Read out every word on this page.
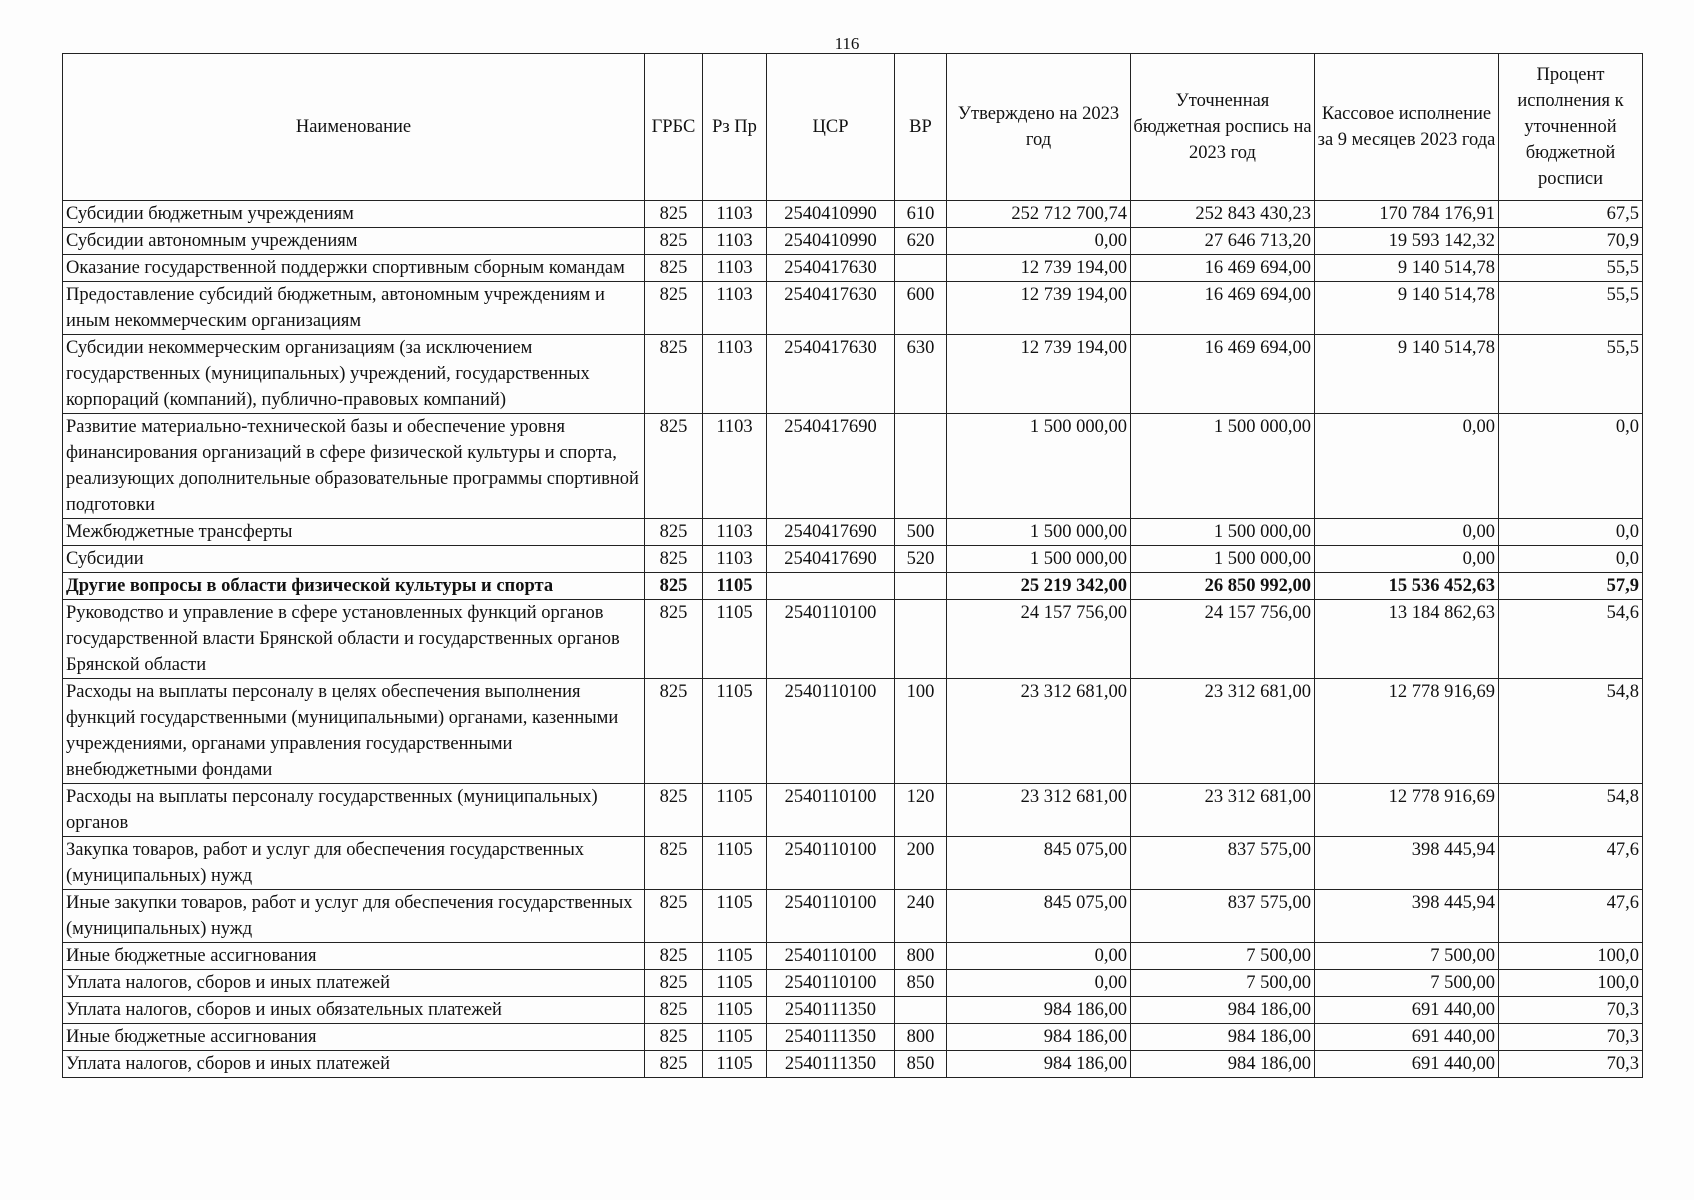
116
Наименование	ГРБС	Рз Пр	ЦСР	ВР	Утверждено на 2023 год	Уточненная бюджетная роспись на 2023 год	Кассовое исполнение за 9 месяцев 2023 года	Процент исполнения к уточненной бюджетной росписи
Субсидии бюджетным учреждениям	825	1103	2540410990	610	252 712 700,74	252 843 430,23	170 784 176,91	67,5
Субсидии автономным учреждениям	825	1103	2540410990	620	0,00	27 646 713,20	19 593 142,32	70,9
Оказание государственной поддержки спортивным сборным командам	825	1103	2540417630		12 739 194,00	16 469 694,00	9 140 514,78	55,5
Предоставление субсидий бюджетным, автономным учреждениям и иным некоммерческим организациям	825	1103	2540417630	600	12 739 194,00	16 469 694,00	9 140 514,78	55,5
Субсидии некоммерческим организациям (за исключением государственных (муниципальных) учреждений, государственных корпораций (компаний), публично-правовых компаний)	825	1103	2540417630	630	12 739 194,00	16 469 694,00	9 140 514,78	55,5
Развитие материально-технической базы и обеспечение уровня финансирования организаций в сфере физической культуры и спорта, реализующих дополнительные образовательные программы спортивной подготовки	825	1103	2540417690		1 500 000,00	1 500 000,00	0,00	0,0
Межбюджетные трансферты	825	1103	2540417690	500	1 500 000,00	1 500 000,00	0,00	0,0
Субсидии	825	1103	2540417690	520	1 500 000,00	1 500 000,00	0,00	0,0
Другие вопросы в области физической культуры и спорта	825	1105			25 219 342,00	26 850 992,00	15 536 452,63	57,9
Руководство и управление в сфере установленных функций органов государственной власти Брянской области и государственных органов Брянской области	825	1105	2540110100		24 157 756,00	24 157 756,00	13 184 862,63	54,6
Расходы на выплаты персоналу в целях обеспечения выполнения функций государственными (муниципальными) органами, казенными учреждениями, органами управления государственными внебюджетными фондами	825	1105	2540110100	100	23 312 681,00	23 312 681,00	12 778 916,69	54,8
Расходы на выплаты персоналу государственных (муниципальных) органов	825	1105	2540110100	120	23 312 681,00	23 312 681,00	12 778 916,69	54,8
Закупка товаров, работ и услуг для обеспечения государственных (муниципальных) нужд	825	1105	2540110100	200	845 075,00	837 575,00	398 445,94	47,6
Иные закупки товаров, работ и услуг для обеспечения государственных (муниципальных) нужд	825	1105	2540110100	240	845 075,00	837 575,00	398 445,94	47,6
Иные бюджетные ассигнования	825	1105	2540110100	800	0,00	7 500,00	7 500,00	100,0
Уплата налогов, сборов и иных платежей	825	1105	2540110100	850	0,00	7 500,00	7 500,00	100,0
Уплата налогов, сборов и иных обязательных платежей	825	1105	2540111350		984 186,00	984 186,00	691 440,00	70,3
Иные бюджетные ассигнования	825	1105	2540111350	800	984 186,00	984 186,00	691 440,00	70,3
Уплата налогов, сборов и иных платежей	825	1105	2540111350	850	984 186,00	984 186,00	691 440,00	70,3
